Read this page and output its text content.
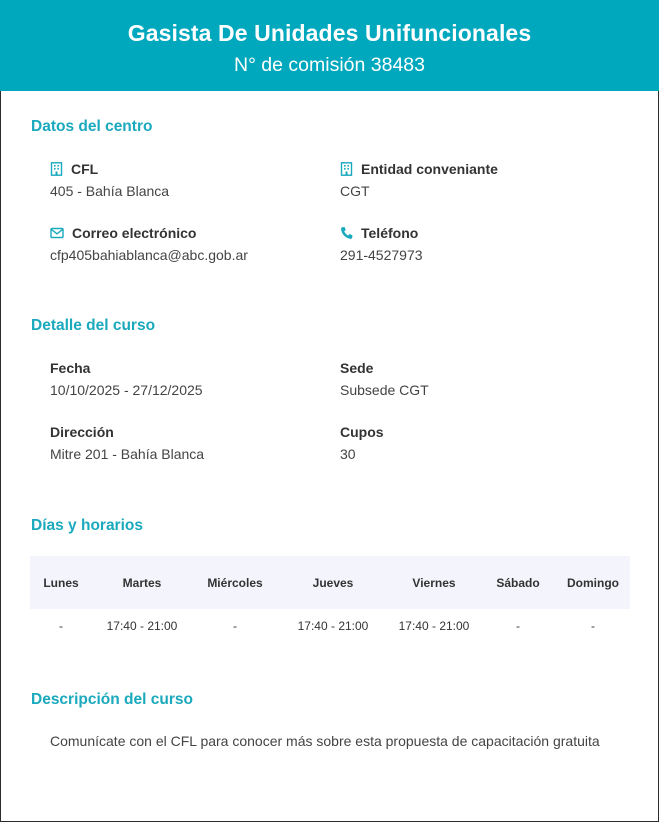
Gasista De Unidades Unifuncionales
N° de comisión 38483
Datos del centro
CFL
405 - Bahía Blanca
Entidad conveniante
CGT
Correo electrónico
cfp405bahiablanca@abc.gob.ar
Teléfono
291-4527973
Detalle del curso
Fecha
10/10/2025 - 27/12/2025
Sede
Subsede CGT
Dirección
Mitre 201 - Bahía Blanca
Cupos
30
Días y horarios
Lunes	Martes	Miércoles	Jueves	Viernes	Sábado	Domingo
-	17:40 - 21:00	-	17:40 - 21:00	17:40 - 21:00	-	-
Descripción del curso
Comunícate con el CFL para conocer más sobre esta propuesta de capacitación gratuita
